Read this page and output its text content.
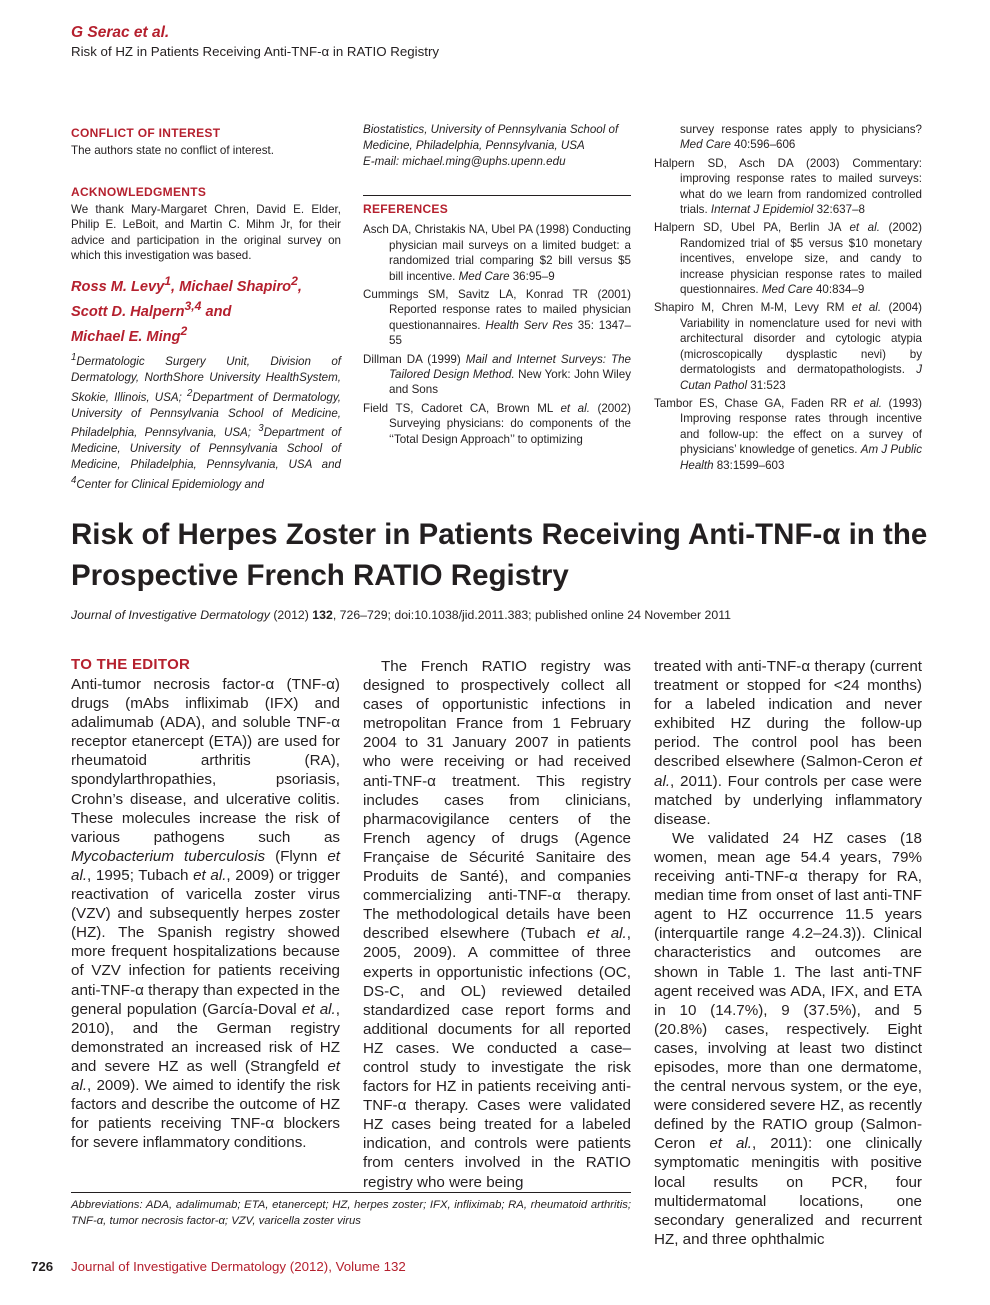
G Serac et al.
Risk of HZ in Patients Receiving Anti-TNF-α in RATIO Registry
CONFLICT OF INTEREST
The authors state no conflict of interest.
ACKNOWLEDGMENTS
We thank Mary-Margaret Chren, David E. Elder, Philip E. LeBoit, and Martin C. Mihm Jr, for their advice and participation in the original survey on which this investigation was based.
Ross M. Levy$^1$, Michael Shapiro$^2$,
Scott D. Halpern$^{3,4}$ and
Michael E. Ming$^2$
$^1$Dermatologic Surgery Unit, Division of Dermatology, NorthShore University HealthSystem, Skokie, Illinois, USA; $^2$Department of Dermatology, University of Pennsylvania School of Medicine, Philadelphia, Pennsylvania, USA; $^3$Department of Medicine, University of Pennsylvania School of Medicine, Philadelphia, Pennsylvania, USA and $^4$Center for Clinical Epidemiology and
Biostatistics, University of Pennsylvania School of Medicine, Philadelphia, Pennsylvania, USA
E-mail: michael.ming@uphs.upenn.edu
REFERENCES

Asch DA, Christakis NA, Ubel PA (1998) Conducting physician mail surveys on a limited budget: a randomized trial comparing $2 bill versus $5 bill incentive. Med Care 36:95–9

Cummings SM, Savitz LA, Konrad TR (2001) Reported response rates to mailed physician questionannaires. Health Serv Res 35: 1347–55

Dillman DA (1999) Mail and Internet Surveys: The Tailored Design Method. New York: John Wiley and Sons

Field TS, Cadoret CA, Brown ML et al. (2002) Surveying physicians: do components of the ‘‘Total Design Approach’’ to optimizing

survey response rates apply to physicians? Med Care 40:596–606

Halpern SD, Asch DA (2003) Commentary: improving response rates to mailed surveys: what do we learn from randomized controlled trials. Internat J Epidemiol 32:637–8

Halpern SD, Ubel PA, Berlin JA et al. (2002) Randomized trial of $5 versus $10 monetary incentives, envelope size, and candy to increase physician response rates to mailed questionnaires. Med Care 40:834–9

Shapiro M, Chren M-M, Levy RM et al. (2004) Variability in nomenclature used for nevi with architectural disorder and cytologic atypia (microscopically dysplastic nevi) by dermatologists and dermatopathologists. J Cutan Pathol 31:523

Tambor ES, Chase GA, Faden RR et al. (1993) Improving response rates through incentive and follow-up: the effect on a survey of physicians’ knowledge of genetics. Am J Public Health 83:1599–603

Risk of Herpes Zoster in Patients Receiving Anti-TNF-α in the Prospective French RATIO Registry
Journal of Investigative Dermatology (2012) 132, 726–729; doi:10.1038/jid.2011.383; published online 24 November 2011
TO THE EDITOR

Anti-tumor necrosis factor-α (TNF-α) drugs (mAbs infliximab (IFX) and adalimumab (ADA), and soluble TNF-α receptor etanercept (ETA)) are used for rheumatoid arthritis (RA), spondylarthropathies, psoriasis, Crohn’s disease, and ulcerative colitis. These molecules increase the risk of various pathogens such as Mycobacterium tuberculosis (Flynn et al., 1995; Tubach et al., 2009) or trigger reactivation of varicella zoster virus (VZV) and subsequently herpes zoster (HZ). The Spanish registry showed more frequent hospitalizations because of VZV infection for patients receiving anti-TNF-α therapy than expected in the general population (García-Doval et al., 2010), and the German registry demonstrated an increased risk of HZ and severe HZ as well (Strangfeld et al., 2009). We aimed to identify the risk factors and describe the outcome of HZ for patients receiving TNF-α blockers for severe inflammatory conditions.

The French RATIO registry was designed to prospectively collect all cases of opportunistic infections in metropolitan France from 1 February 2004 to 31 January 2007 in patients who were receiving or had received anti-TNF-α treatment. This registry includes cases from clinicians, pharmacovigilance centers of the French agency of drugs (Agence Française de Sécurité Sanitaire des Produits de Santé), and companies commercializing anti-TNF-α therapy. The methodological details have been described elsewhere (Tubach et al., 2005, 2009). A committee of three experts in opportunistic infections (OC, DS-C, and OL) reviewed detailed standardized case report forms and additional documents for all reported HZ cases. We conducted a case–control study to investigate the risk factors for HZ in patients receiving anti-TNF-α therapy. Cases were validated HZ cases being treated for a labeled indication, and controls were patients from centers involved in the RATIO registry who were being

treated with anti-TNF-α therapy (current treatment or stopped for <24 months) for a labeled indication and never exhibited HZ during the follow-up period. The control pool has been described elsewhere (Salmon-Ceron et al., 2011). Four controls per case were matched by underlying inflammatory disease.

We validated 24 HZ cases (18 women, mean age 54.4 years, 79% receiving anti-TNF-α therapy for RA, median time from onset of last anti-TNF agent to HZ occurrence 11.5 years (interquartile range 4.2–24.3)). Clinical characteristics and outcomes are shown in Table 1. The last anti-TNF agent received was ADA, IFX, and ETA in 10 (14.7%), 9 (37.5%), and 5 (20.8%) cases, respectively. Eight cases, involving at least two distinct episodes, more than one dermatome, the central nervous system, or the eye, were considered severe HZ, as recently defined by the RATIO group (Salmon-Ceron et al., 2011): one clinically symptomatic meningitis with positive local results on PCR, four multidermatomal locations, one secondary generalized and recurrent HZ, and three ophthalmic

Abbreviations: ADA, adalimumab; ETA, etanercept; HZ, herpes zoster; IFX, infliximab; RA, rheumatoid arthritis; TNF-α, tumor necrosis factor-α; VZV, varicella zoster virus
726 Journal of Investigative Dermatology (2012), Volume 132
